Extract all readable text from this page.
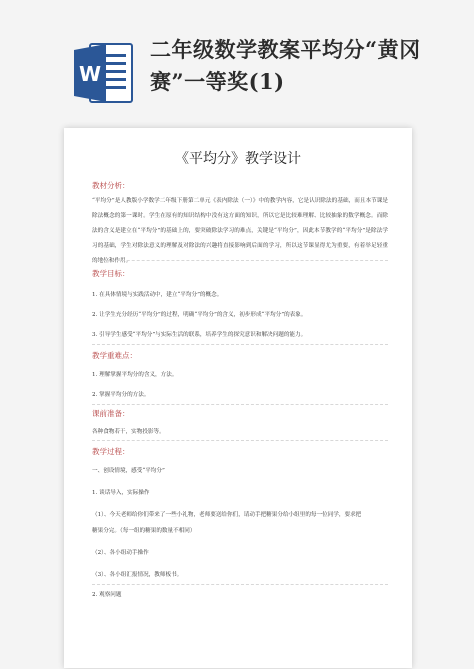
W
二年级数学教案平均分“黄冈赛”一等奖(1)
《平均分》教学设计
教材分析：
“平均分”是人教版小学数学二年级下册第二单元《表内除法（一）》中的教学内容，它是认识除法的基础，而且本节课是除法概念的第一课时。学生在原有的知识结构中没有这方面的知识，所以它是比较难理解、比较抽象的数学概念。而除法的含义是建立在“平均分”的基础上的，要突破除法学习的难点，关键是“平均分”，因此本节教学的“平均分”是除法学习的基础，学生对除法意义的理解及对除法的兴趣将直接影响到后面的学习，所以这节课显得尤为重要，有着举足轻重的地位和作用。
教学目标：
1. 在具体情境与实践活动中，建立“平均分”的概念。
2. 让学生充分经历“平均分”的过程，明确“平均分”的含义，初步形成“平均分”的表象。
3. 引导学生感受“平均分”与实际生活的联系，培养学生的探究意识和解决问题的能力。
教学重难点：
1. 理解掌握平均分的含义，方法。
2. 掌握平均分的方法。
课前准备：
各种食物若干，实物投影等。
教学过程：
一、创设情境，感受“平均分”
1. 谈话导入，实际操作
（1）、今天老师给你们带来了一些小礼物，老师要送给你们，请动手把糖果分给小组里的每一位同学，要求把
糖果分完。（每一组的糖果的数量不相同）
（2）、各小组动手操作
（3）、各小组汇报情况，教师板书。
2. 观察问题
